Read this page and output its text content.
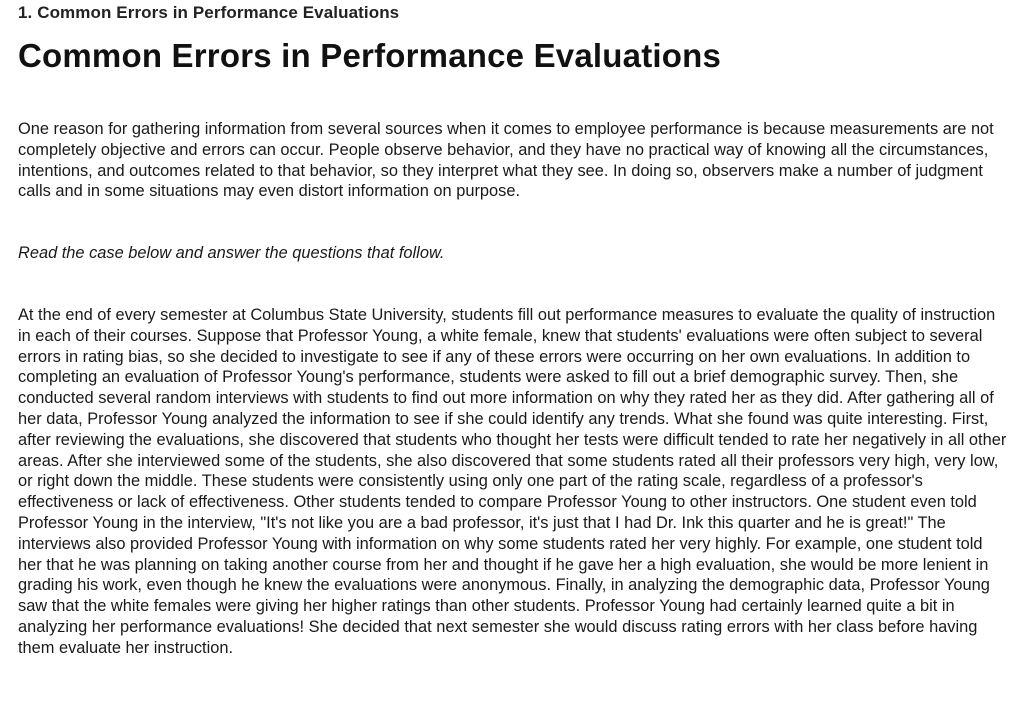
1. Common Errors in Performance Evaluations
Common Errors in Performance Evaluations

One reason for gathering information from several sources when it comes to employee performance is because measurements are not completely objective and errors can occur. People observe behavior, and they have no practical way of knowing all the circumstances, intentions, and outcomes related to that behavior, so they interpret what they see. In doing so, observers make a number of judgment calls and in some situations may even distort information on purpose.

Read the case below and answer the questions that follow.

At the end of every semester at Columbus State University, students fill out performance measures to evaluate the quality of instruction in each of their courses. Suppose that Professor Young, a white female, knew that students' evaluations were often subject to several errors in rating bias, so she decided to investigate to see if any of these errors were occurring on her own evaluations. In addition to completing an evaluation of Professor Young's performance, students were asked to fill out a brief demographic survey. Then, she conducted several random interviews with students to find out more information on why they rated her as they did. After gathering all of her data, Professor Young analyzed the information to see if she could identify any trends. What she found was quite interesting. First, after reviewing the evaluations, she discovered that students who thought her tests were difficult tended to rate her negatively in all other areas. After she interviewed some of the students, she also discovered that some students rated all their professors very high, very low, or right down the middle. These students were consistently using only one part of the rating scale, regardless of a professor's effectiveness or lack of effectiveness. Other students tended to compare Professor Young to other instructors. One student even told Professor Young in the interview, "It's not like you are a bad professor, it's just that I had Dr. Ink this quarter and he is great!" The interviews also provided Professor Young with information on why some students rated her very highly. For example, one student told her that he was planning on taking another course from her and thought if he gave her a high evaluation, she would be more lenient in grading his work, even though he knew the evaluations were anonymous. Finally, in analyzing the demographic data, Professor Young saw that the white females were giving her higher ratings than other students. Professor Young had certainly learned quite a bit in analyzing her performance evaluations! She decided that next semester she would discuss rating errors with her class before having them evaluate her instruction.
